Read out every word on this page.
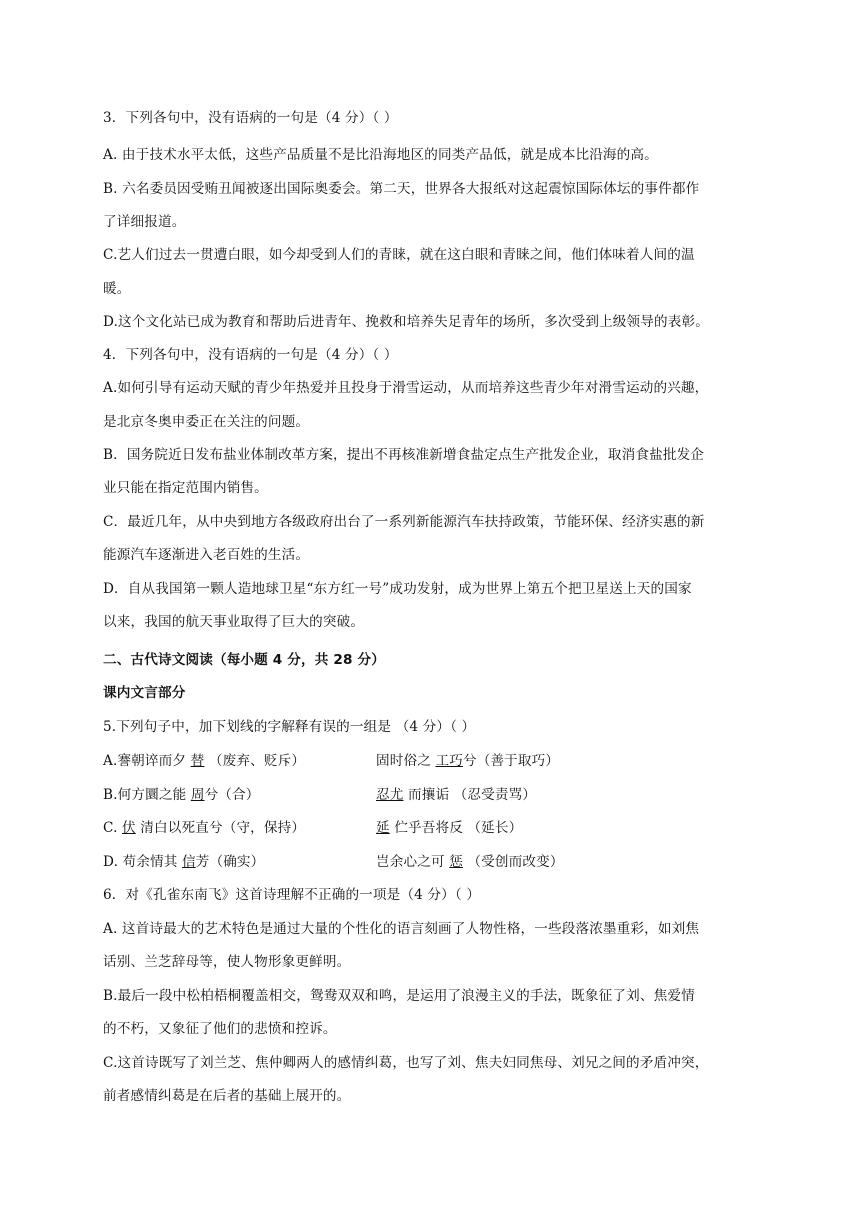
3．下列各句中，没有语病的一句是（4 分）（ ）
A. 由于技术水平太低，这些产品质量不是比沿海地区的同类产品低，就是成本比沿海的高。
B. 六名委员因受贿丑闻被逐出国际奥委会。第二天，世界各大报纸对这起震惊国际体坛的事件都作
了详细报道。
C.艺人们过去一贯遭白眼，如今却受到人们的青睐，就在这白眼和青睐之间，他们体味着人间的温
暖。
D.这个文化站已成为教育和帮助后进青年、挽救和培养失足青年的场所，多次受到上级领导的表彰。
4．下列各句中，没有语病的一句是（4 分）（ ）
A.如何引导有运动天赋的青少年热爱并且投身于滑雪运动，从而培养这些青少年对滑雪运动的兴趣，
是北京冬奥申委正在关注的问题。
B．国务院近日发布盐业体制改革方案，提出不再核准新增食盐定点生产批发企业，取消食盐批发企
业只能在指定范围内销售。
C．最近几年，从中央到地方各级政府出台了一系列新能源汽车扶持政策，节能环保、经济实惠的新
能源汽车逐渐进入老百姓的生活。
D．自从我国第一颗人造地球卫星“东方红一号”成功发射，成为世界上第五个把卫星送上天的国家
以来，我国的航天事业取得了巨大的突破。
二、古代诗文阅读（每小题 4 分，共 28 分）
课内文言部分
5.下列句子中，加下划线的字解释有误的一组是 （4 分）（ ）
A.謇朝谇而夕 替 （废弃、贬斥）	固时俗之 工巧兮（善于取巧）
B.何方圜之能 周兮（合）	忍尤 而攘诟 （忍受责骂）
C. 伏 清白以死直兮（守，保持）	延 伫乎吾将反 （延长）
D. 苟余情其 信芳（确实）	岂余心之可 惩 （受创而改变）
6．对《孔雀东南飞》这首诗理解不正确的一项是（4 分）（ ）
A. 这首诗最大的艺术特色是通过大量的个性化的语言刻画了人物性格，一些段落浓墨重彩，如刘焦
话别、兰芝辞母等，使人物形象更鲜明。
B.最后一段中松柏梧桐覆盖相交，鸳鸯双双和鸣，是运用了浪漫主义的手法，既象征了刘、焦爱情
的不朽，又象征了他们的悲愤和控诉。
C.这首诗既写了刘兰芝、焦仲卿两人的感情纠葛，也写了刘、焦夫妇同焦母、刘兄之间的矛盾冲突，
前者感情纠葛是在后者的基础上展开的。
